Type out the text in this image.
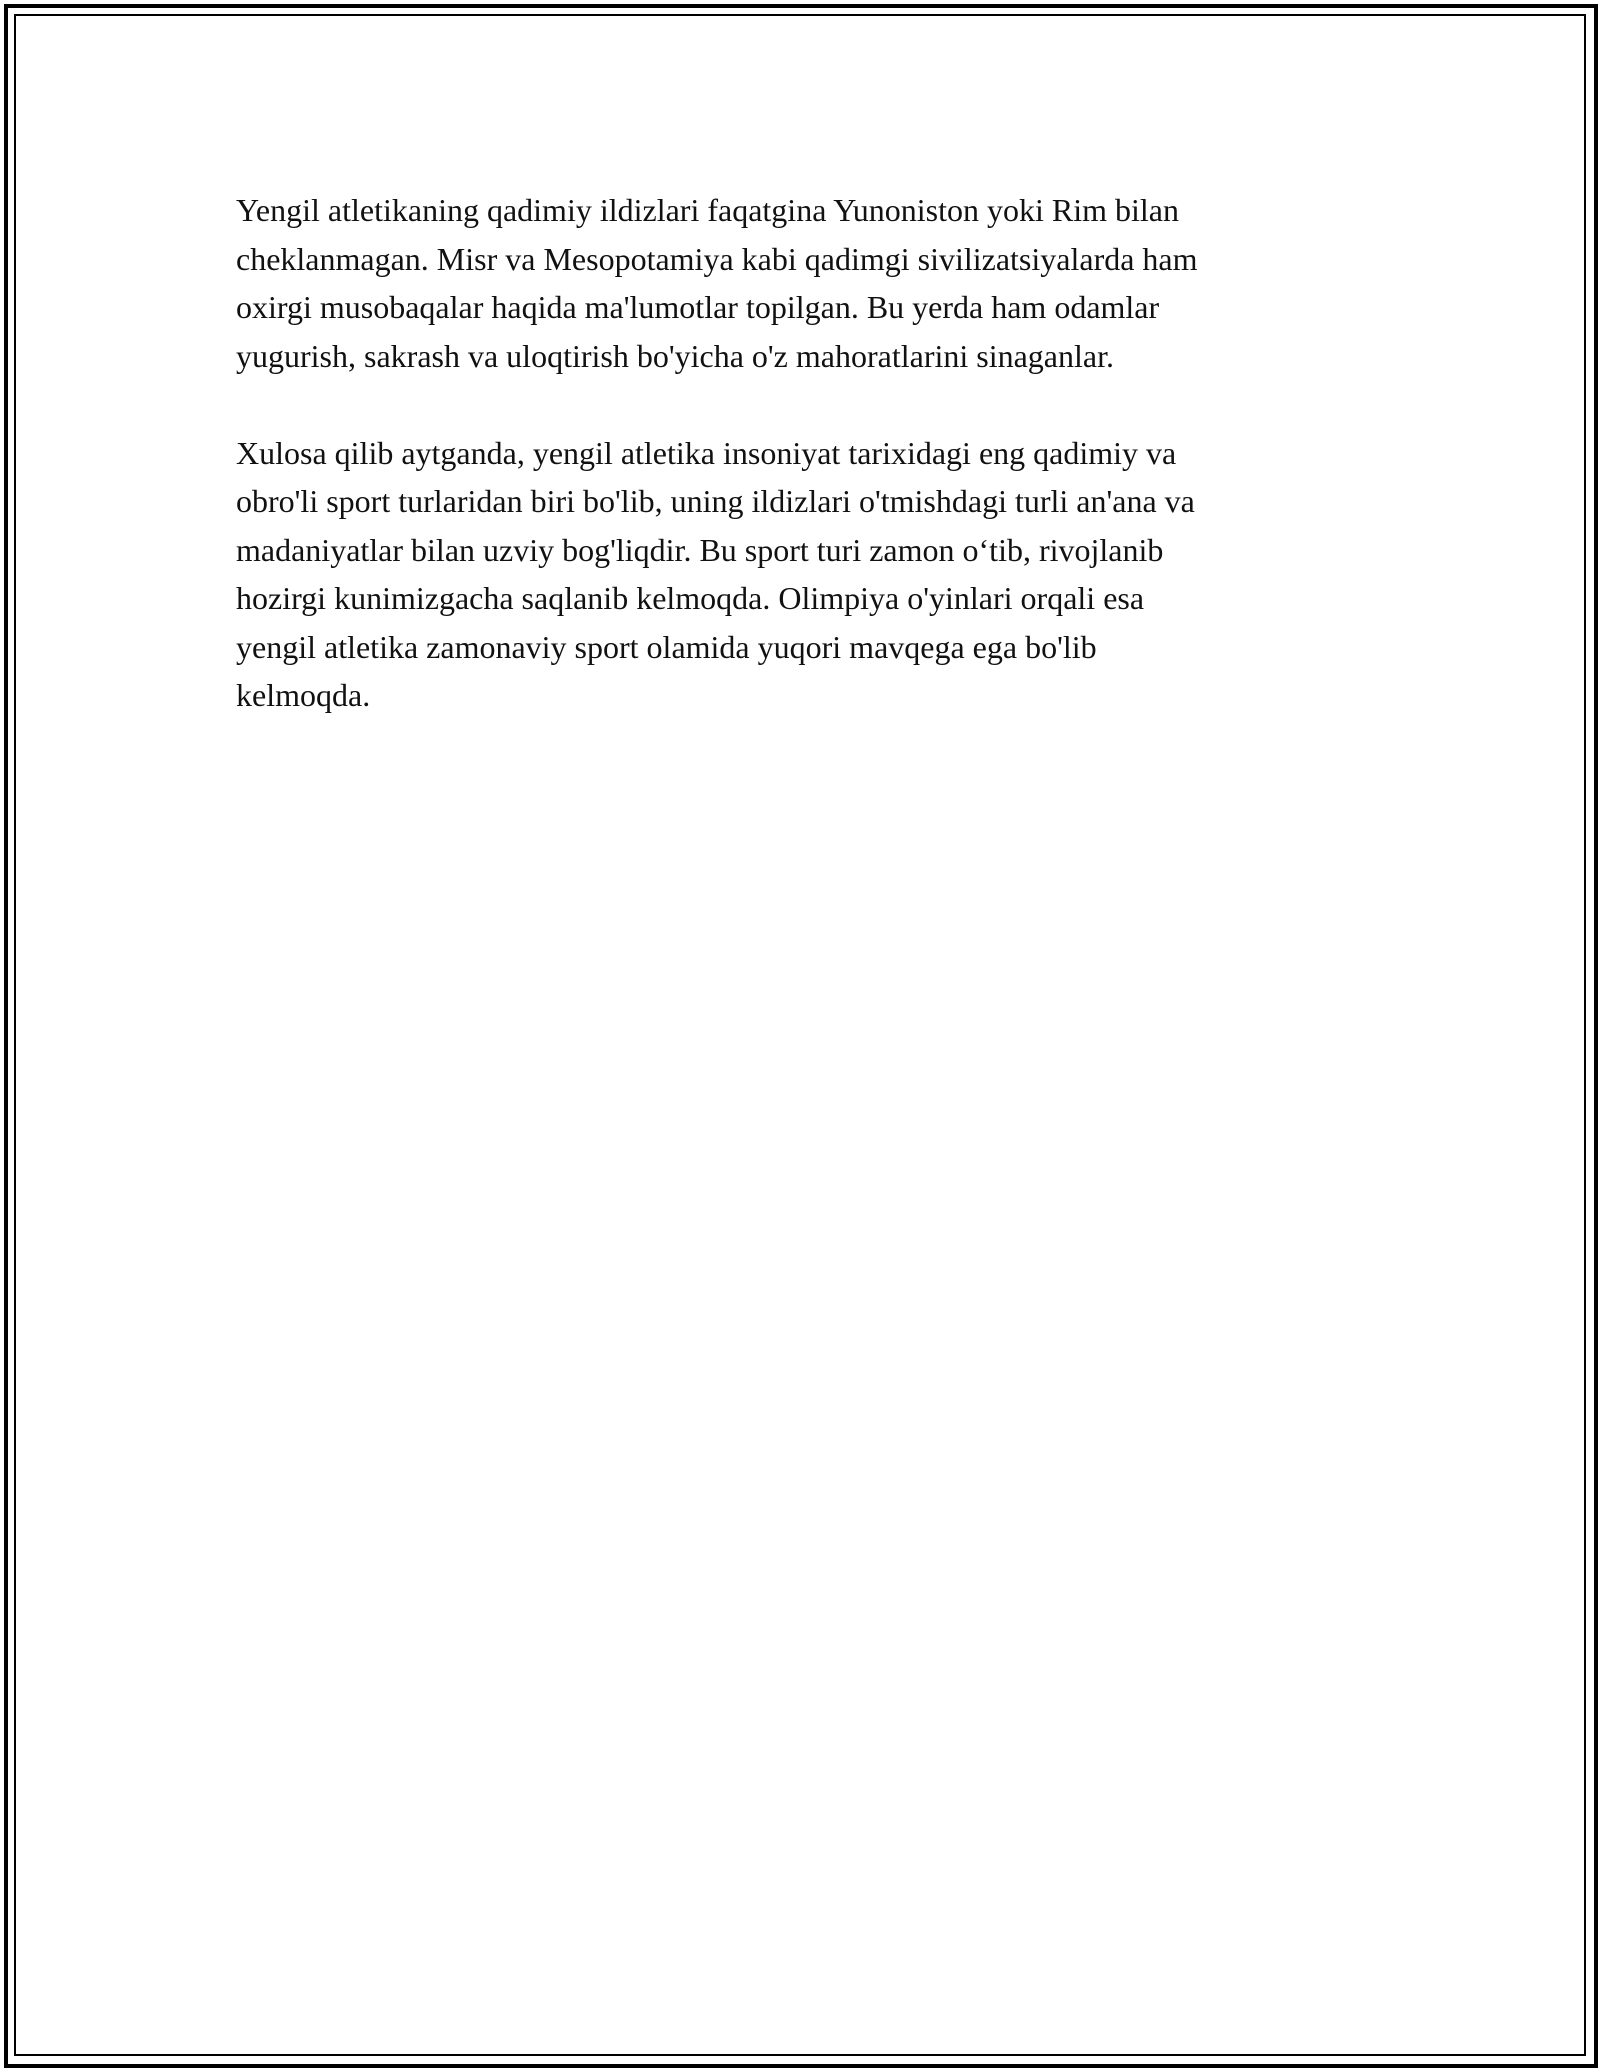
Yengil atletikaning qadimiy ildizlari faqatgina Yunoniston yoki Rim bilan
cheklanmagan. Misr va Mesopotamiya kabi qadimgi sivilizatsiyalarda ham
oxirgi musobaqalar haqida ma'lumotlar topilgan. Bu yerda ham odamlar
yugurish, sakrash va uloqtirish bo'yicha o'z mahoratlarini sinaganlar.

Xulosa qilib aytganda, yengil atletika insoniyat tarixidagi eng qadimiy va
obro'li sport turlaridan biri bo'lib, uning ildizlari o'tmishdagi turli an'ana va
madaniyatlar bilan uzviy bog'liqdir. Bu sport turi zamon o‘tib, rivojlanib
hozirgi kunimizgacha saqlanib kelmoqda. Olimpiya o'yinlari orqali esa
yengil atletika zamonaviy sport olamida yuqori mavqega ega bo'lib
kelmoqda.
